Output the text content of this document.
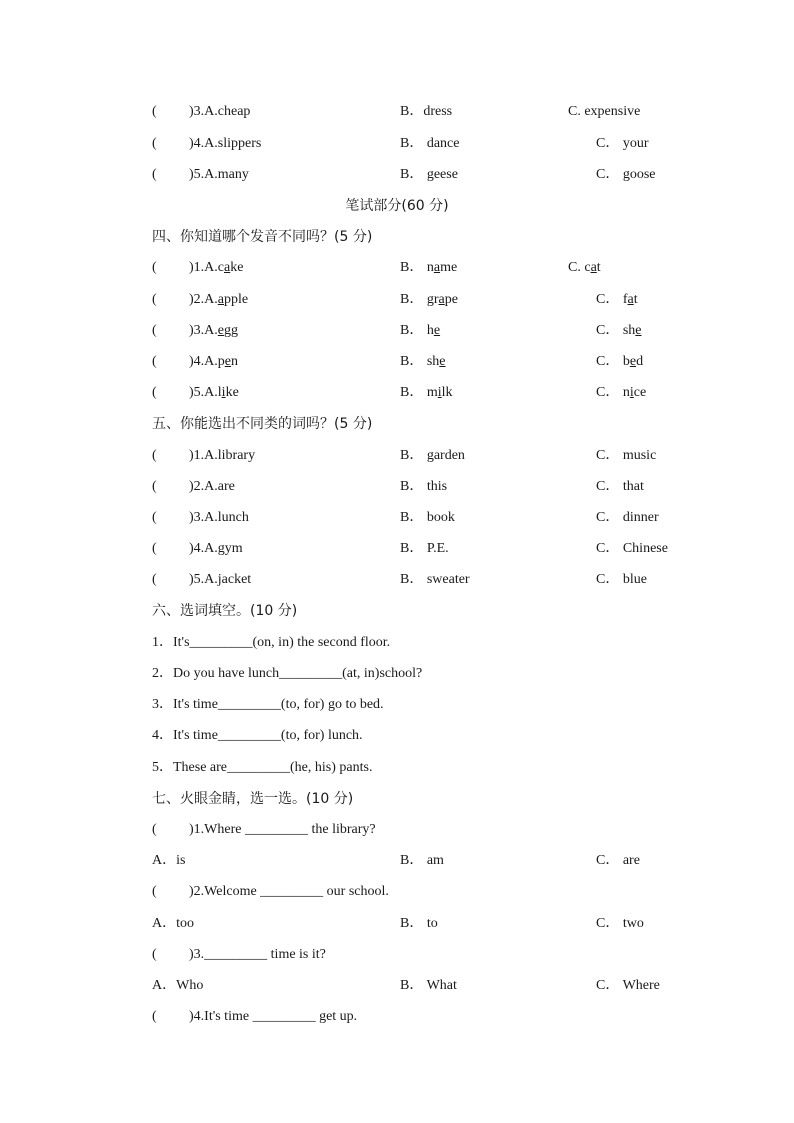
( )3.A.cheap	B．dress	C. expensive
( )4.A.slippers	B． dance	C． your
( )5.A.many	B． geese	C． goose
笔试部分(60 分)
四、你知道哪个发音不同吗？(5 分)
( )1.A.cake	B． name	C. cat
( )2.A.apple	B． grape	C． fat
( )3.A.egg	B． he	C． she
( )4.A.pen	B． she	C． bed
( )5.A.like	B． milk	C． nice
五、你能选出不同类的词吗？(5 分)
( )1.A.library	B． garden	C． music
( )2.A.are	B． this	C． that
( )3.A.lunch	B． book	C． dinner
( )4.A.gym	B． P.E.	C． Chinese
( )5.A.jacket	B． sweater	C． blue
六、选词填空。(10 分)
1．It's_________(on, in) the second floor.
2．Do you have lunch_________(at, in)school?
3．It's time_________(to, for) go to bed.
4．It's time_________(to, for) lunch.
5．These are_________(he, his) pants.
七、火眼金睛，选一选。(10 分)
( )1.Where _________ the library?
A．is	B． am	C． are
( )2.Welcome _________ our school.
A．too	B． to	C． two
( )3._________ time is it?
A．Who	B． What	C． Where
( )4.It's time _________ get up.
